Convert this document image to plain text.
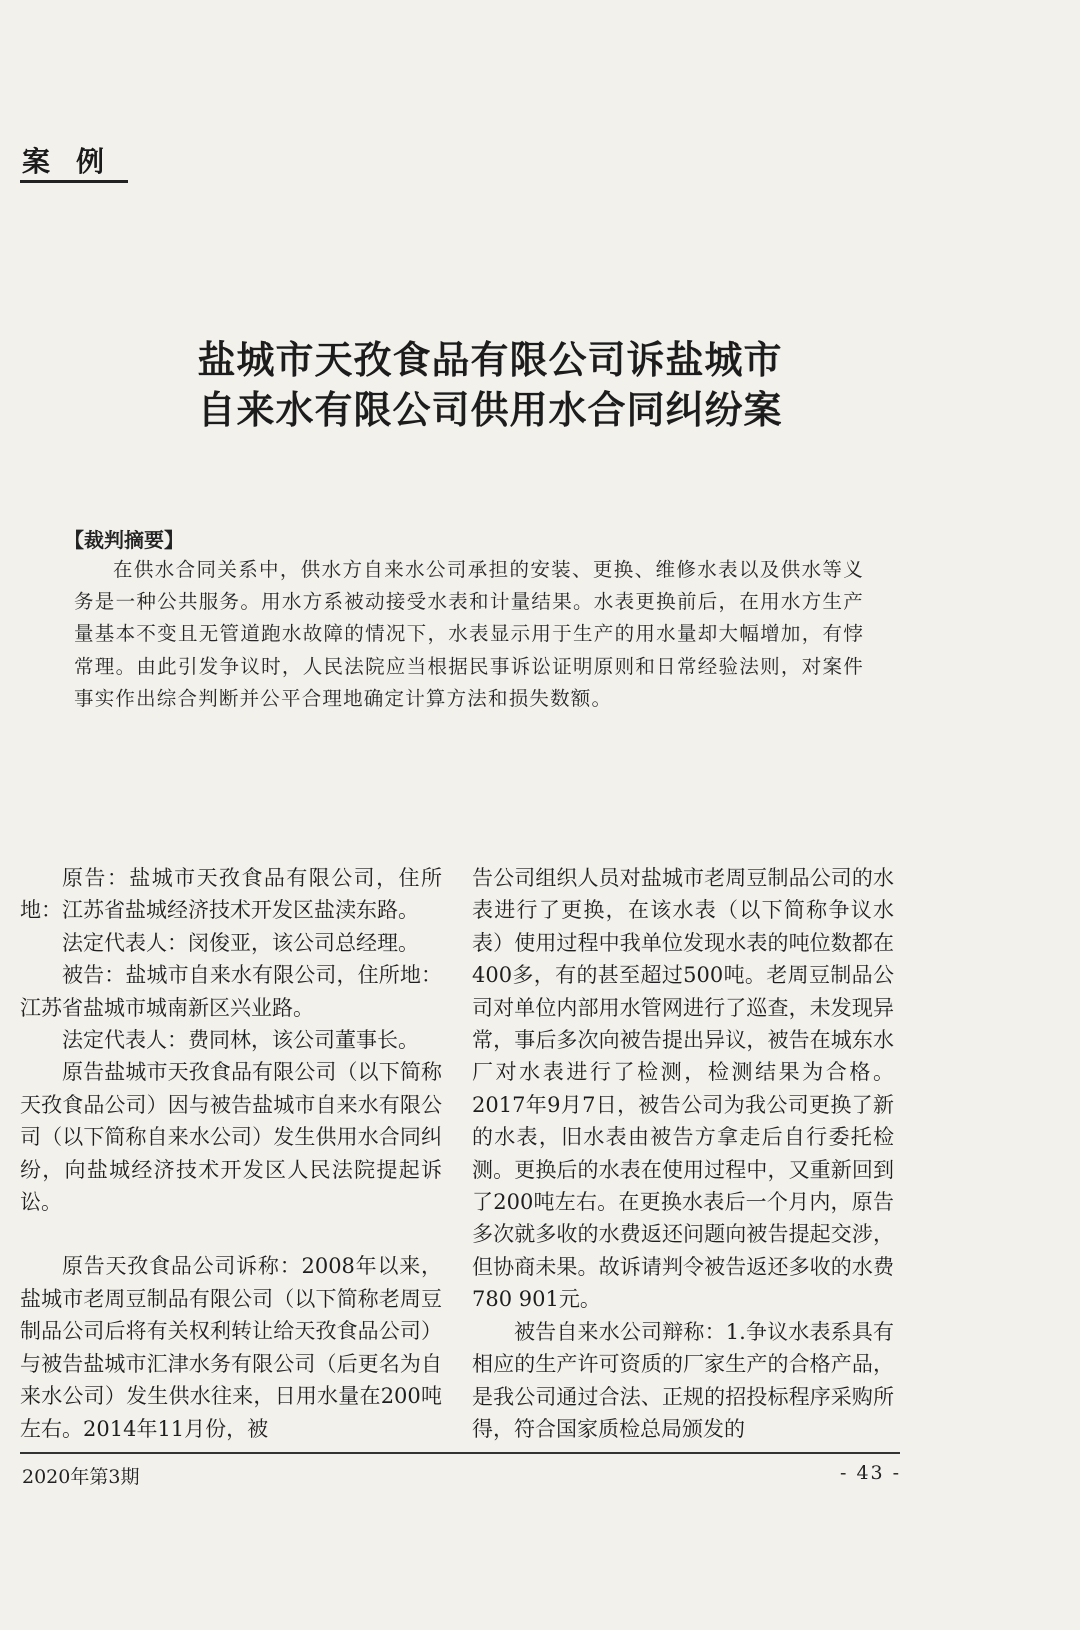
案例
盐城市天孜食品有限公司诉盐城市
自来水有限公司供用水合同纠纷案
【裁判摘要】
在供水合同关系中，供水方自来水公司承担的安装、更换、维修水表以及供水等义务是一种公共服务。用水方系被动接受水表和计量结果。水表更换前后，在用水方生产量基本不变且无管道跑水故障的情况下，水表显示用于生产的用水量却大幅增加，有悖常理。由此引发争议时，人民法院应当根据民事诉讼证明原则和日常经验法则，对案件事实作出综合判断并公平合理地确定计算方法和损失数额。

原告：盐城市天孜食品有限公司，住所地：江苏省盐城经济技术开发区盐渎东路。

法定代表人：闵俊亚，该公司总经理。

被告：盐城市自来水有限公司，住所地：江苏省盐城市城南新区兴业路。

法定代表人：费同林，该公司董事长。

原告盐城市天孜食品有限公司（以下简称天孜食品公司）因与被告盐城市自来水有限公司（以下简称自来水公司）发生供用水合同纠纷，向盐城经济技术开发区人民法院提起诉讼。

原告天孜食品公司诉称：2008年以来，盐城市老周豆制品有限公司（以下简称老周豆制品公司后将有关权利转让给天孜食品公司）与被告盐城市汇津水务有限公司（后更名为自来水公司）发生供水往来，日用水量在200吨左右。2014年11月份，被

告公司组织人员对盐城市老周豆制品公司的水表进行了更换，在该水表（以下简称争议水表）使用过程中我单位发现水表的吨位数都在400多，有的甚至超过500吨。老周豆制品公司对单位内部用水管网进行了巡查，未发现异常，事后多次向被告提出异议，被告在城东水厂对水表进行了检测，检测结果为合格。2017年9月7日，被告公司为我公司更换了新的水表，旧水表由被告方拿走后自行委托检测。更换后的水表在使用过程中，又重新回到了200吨左右。在更换水表后一个月内，原告多次就多收的水费返还问题向被告提起交涉，但协商未果。故诉请判令被告返还多收的水费780 901元。

被告自来水公司辩称：1.争议水表系具有相应的生产许可资质的厂家生产的合格产品，是我公司通过合法、正规的招投标程序采购所得，符合国家质检总局颁发的

2020年第3期	- 43 -
